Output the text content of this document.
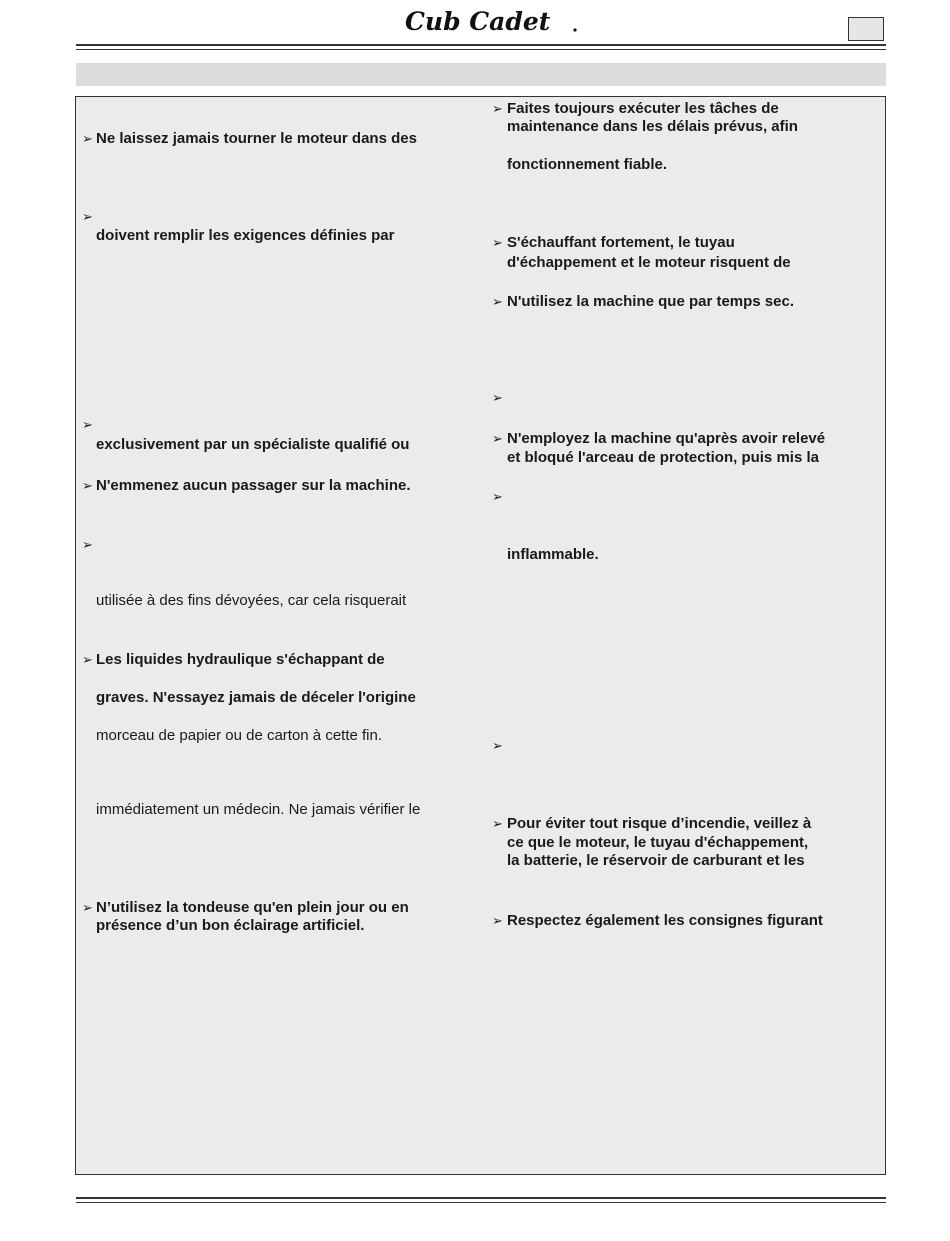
Cub Cadet
➢ Ne laissez jamais tourner le moteur dans des
➢
doivent remplir les exigences définies par
➢
exclusivement par un spécialiste qualifié ou
➢ N'emmenez aucun passager sur la machine.
➢
utilisée à des fins dévoyées, car cela risquerait
➢ Les liquides hydraulique s'échappant de
graves. N'essayez jamais de déceler l'origine
morceau de papier ou de carton à cette fin.
immédiatement un médecin. Ne jamais vérifier le
➢ N’utilisez la tondeuse qu'en plein jour ou en
présence d’un bon éclairage artificiel.
➢ Faites toujours exécuter les tâches de
maintenance dans les délais prévus, afin
fonctionnement fiable.
➢ S'échauffant fortement, le tuyau
d'échappement et le moteur risquent de
➢ N'utilisez la machine que par temps sec.
➢
➢ N'employez la machine qu'après avoir relevé
et bloqué l'arceau de protection, puis mis la
➢
inflammable.
➢
➢ Pour éviter tout risque d’incendie, veillez à
ce que le moteur, le tuyau d'échappement,
la batterie, le réservoir de carburant et les
➢ Respectez également les consignes figurant
